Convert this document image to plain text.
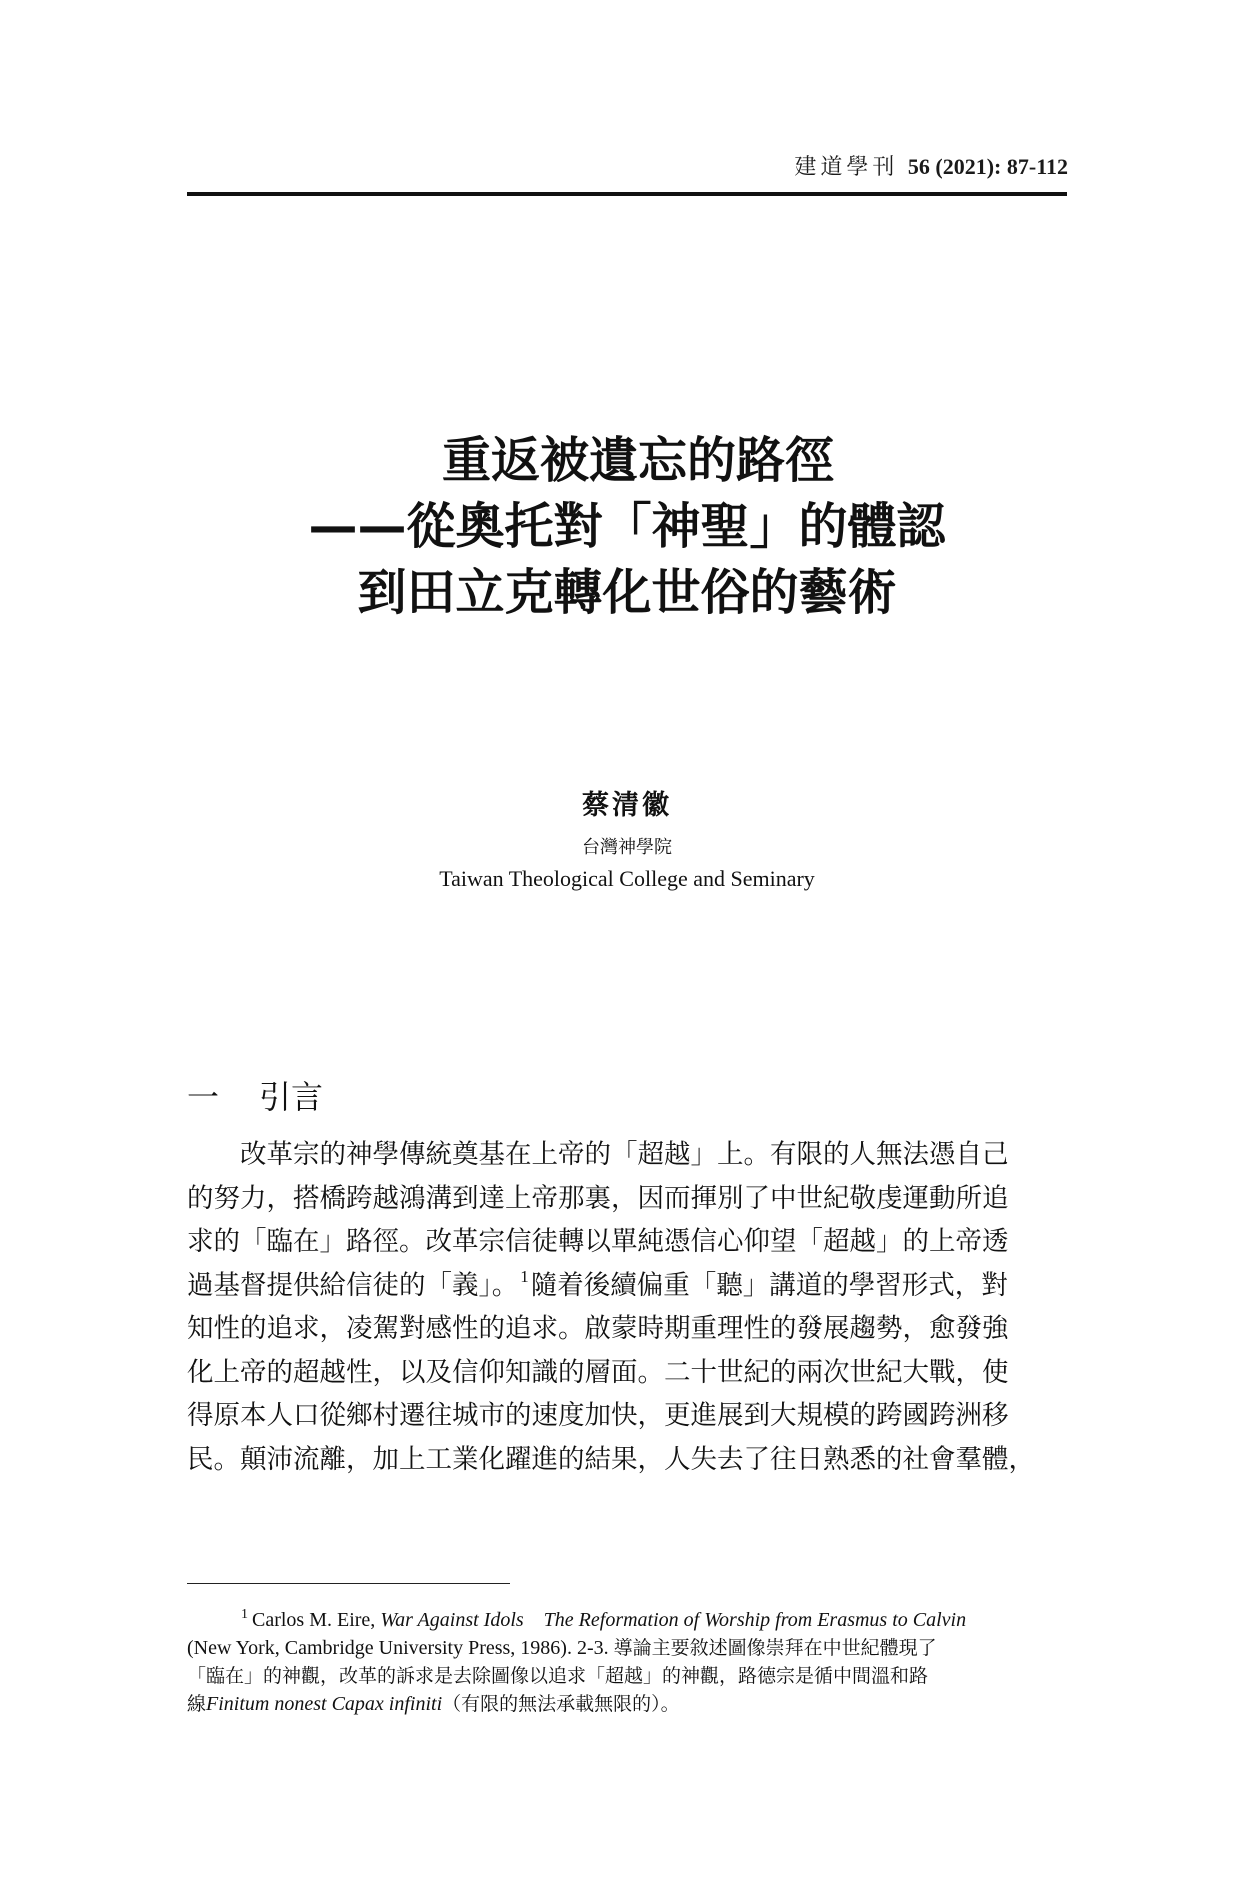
建道學刊 56 (2021): 87-112
重返被遺忘的路徑
——從奧托對「神聖」的體認
到田立克轉化世俗的藝術
蔡清徽
台灣神學院
Taiwan Theological College and Seminary
一 引言
　　改革宗的神學傳統奠基在上帝的「超越」上。有限的人無法憑自己
的努力，搭橋跨越鴻溝到達上帝那裏，因而揮別了中世紀敬虔運動所追
求的「臨在」路徑。改革宗信徒轉以單純憑信心仰望「超越」的上帝透
過基督提供給信徒的「義」。 $^1$隨着後續偏重「聽」講道的學習形式，對
知性的追求，凌駕對感性的追求。啟蒙時期重理性的發展趨勢，愈發強
化上帝的超越性，以及信仰知識的層面。二十世紀的兩次世紀大戰，使
得原本人口從鄉村遷往城市的速度加快，更進展到大規模的跨國跨洲移
民。顛沛流離，加上工業化躍進的結果，人失去了往日熟悉的社會羣體，
$^1$ Carlos M. Eire, War Against Idols　The Reformation of Worship from Erasmus to Calvin
(New York, Cambridge University Press, 1986). 2-3. 導論主要敘述圖像崇拜在中世紀體現了
「臨在」的神觀，改革的訴求是去除圖像以追求「超越」的神觀，路德宗是循中間溫和路
線Finitum nonest Capax infiniti（有限的無法承載無限的）。
